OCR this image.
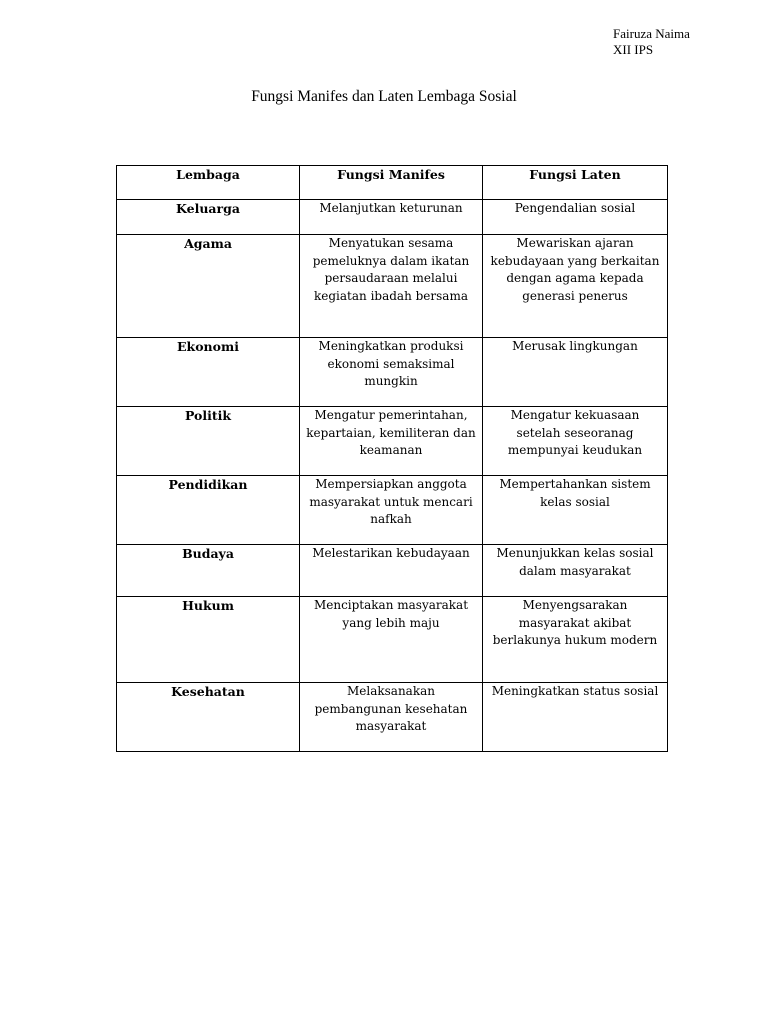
Fairuza Naima
XII IPS
Fungsi Manifes dan Laten Lembaga Sosial
Lembaga	Fungsi Manifes	Fungsi Laten
Keluarga	Melanjutkan keturunan	Pengendalian sosial
Agama	Menyatukan sesama pemeluknya dalam ikatan persaudaraan melalui kegiatan ibadah bersama	Mewariskan ajaran kebudayaan yang berkaitan dengan agama kepada generasi penerus
Ekonomi	Meningkatkan produksi ekonomi semaksimal mungkin	Merusak lingkungan
Politik	Mengatur pemerintahan, kepartaian, kemiliteran dan keamanan	Mengatur kekuasaan setelah seseoranag mempunyai keudukan
Pendidikan	Mempersiapkan anggota masyarakat untuk mencari nafkah	Mempertahankan sistem kelas sosial
Budaya	Melestarikan kebudayaan	Menunjukkan kelas sosial dalam masyarakat
Hukum	Menciptakan masyarakat yang lebih maju	Menyengsarakan masyarakat akibat berlakunya hukum modern
Kesehatan	Melaksanakan pembangunan kesehatan masyarakat	Meningkatkan status sosial
